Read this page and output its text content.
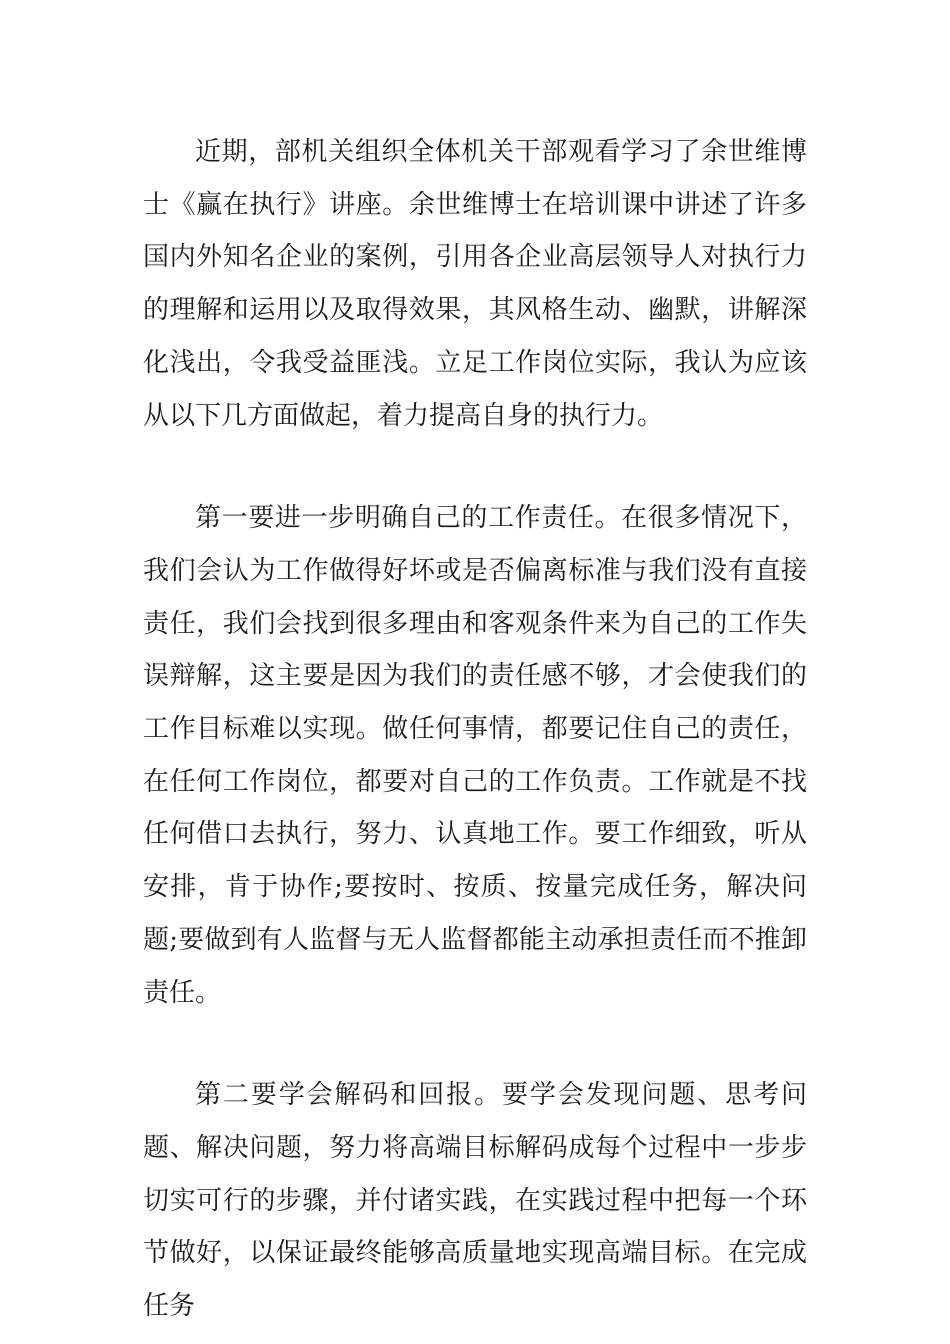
近期，部机关组织全体机关干部观看学习了余世维博士《赢在执行》讲座。余世维博士在培训课中讲述了许多国内外知名企业的案例，引用各企业高层领导人对执行力的理解和运用以及取得效果，其风格生动、幽默，讲解深化浅出，令我受益匪浅。立足工作岗位实际，我认为应该从以下几方面做起，着力提高自身的执行力。

第一要进一步明确自己的工作责任。在很多情况下，我们会认为工作做得好坏或是否偏离标准与我们没有直接责任，我们会找到很多理由和客观条件来为自己的工作失误辩解，这主要是因为我们的责任感不够，才会使我们的工作目标难以实现。做任何事情，都要记住自己的责任，在任何工作岗位，都要对自己的工作负责。工作就是不找任何借口去执行，努力、认真地工作。要工作细致，听从安排，肯于协作;要按时、按质、按量完成任务，解决问题;要做到有人监督与无人监督都能主动承担责任而不推卸责任。

第二要学会解码和回报。要学会发现问题、思考问题、解决问题，努力将高端目标解码成每个过程中一步步切实可行的步骤，并付诸实践，在实践过程中把每一个环节做好，以保证最终能够高质量地实现高端目标。在完成任务
